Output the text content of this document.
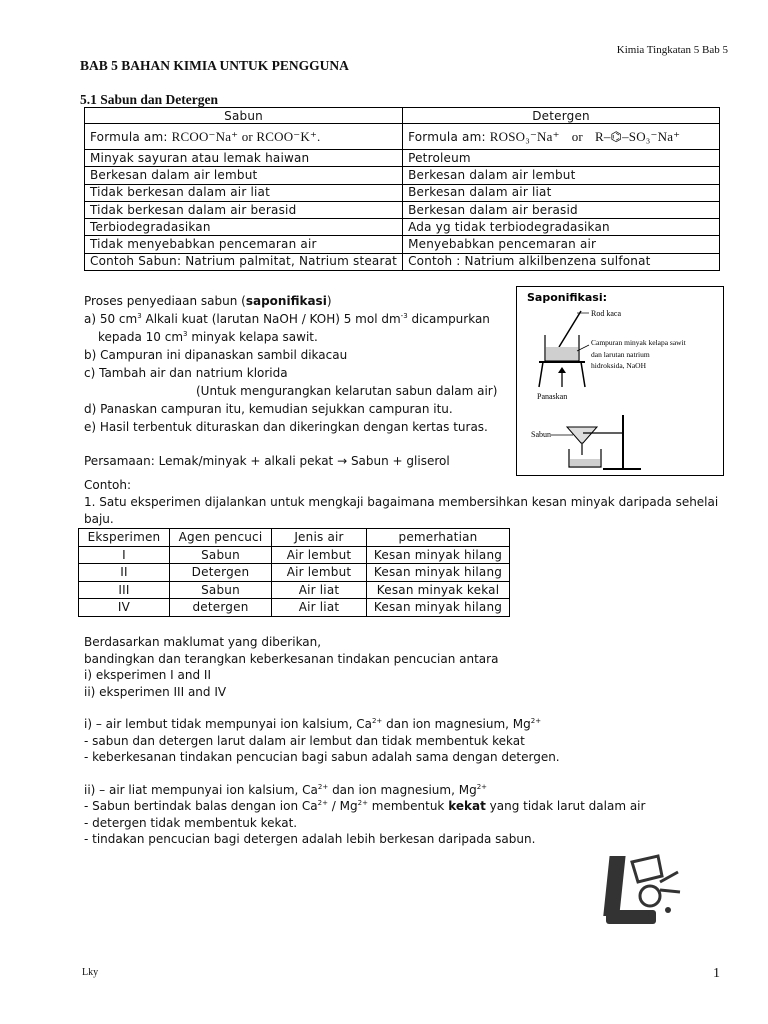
Kimia Tingkatan 5 Bab 5
BAB 5 BAHAN KIMIA UNTUK PENGGUNA
5.1 Sabun dan Detergen
Sabun	Detergen
Formula am: RCOO⁻Na⁺ or RCOO⁻K⁺.	Formula am: ROSO₃⁻Na⁺ or R–⌬–SO₃⁻Na⁺
Minyak sayuran atau lemak haiwan	Petroleum
Berkesan dalam air lembut	Berkesan dalam air lembut
Tidak berkesan dalam air liat	Berkesan dalam air liat
Tidak berkesan dalam air berasid	Berkesan dalam air berasid
Terbiodegradasikan	Ada yg tidak terbiodegradasikan
Tidak menyebabkan pencemaran air	Menyebabkan pencemaran air
Contoh Sabun: Natrium palmitat, Natrium stearat	Contoh : Natrium alkilbenzena sulfonat
Proses penyediaan sabun (saponifikasi)
a) 50 $cm^3$ Alkali kuat (larutan NaOH / KOH) 5 mol $dm^{-3}$ dicampurkan
kepada 10 $cm^3$ minyak kelapa sawit.
b) Campuran ini dipanaskan sambil dikacau
c) Tambah air dan natrium klorida
(Untuk mengurangkan kelarutan sabun dalam air)
d) Panaskan campuran itu, kemudian sejukkan campuran itu.
e) Hasil terbentuk dituraskan dan dikeringkan dengan kertas turas.
Persamaan: Lemak/minyak + alkali pekat → Sabun + gliserol
Saponifikasi:
Panaskan
Rod kaca
Campuran minyak kelapa sawit
dan larutan natrium
hidroksida, NaOH
Sabun
Contoh:
1. Satu eksperimen dijalankan untuk mengkaji bagaimana membersihkan kesan minyak daripada sehelai
baju.
Eksperimen	Agen pencuci	Jenis air	pemerhatian
I	Sabun	Air lembut	Kesan minyak hilang
II	Detergen	Air lembut	Kesan minyak hilang
III	Sabun	Air liat	Kesan minyak kekal
IV	detergen	Air liat	Kesan minyak hilang
Berdasarkan maklumat yang diberikan,
bandingkan dan terangkan keberkesanan tindakan pencucian antara
i) eksperimen I and II
ii) eksperimen III and IV
i) – air lembut tidak mempunyai ion kalsium, $Ca^{2+}$ dan ion magnesium, $Mg^{2+}$
- sabun dan detergen larut dalam air lembut dan tidak membentuk kekat
- keberkesanan tindakan pencucian bagi sabun adalah sama dengan detergen.
ii) – air liat mempunyai ion kalsium, $Ca^{2+}$ dan ion magnesium, $Mg^{2+}$
- Sabun bertindak balas dengan ion $Ca^{2+} / Mg^{2+}$ membentuk kekat yang tidak larut dalam air
- detergen tidak membentuk kekat.
- tindakan pencucian bagi detergen adalah lebih berkesan daripada sabun.
Lky	1
